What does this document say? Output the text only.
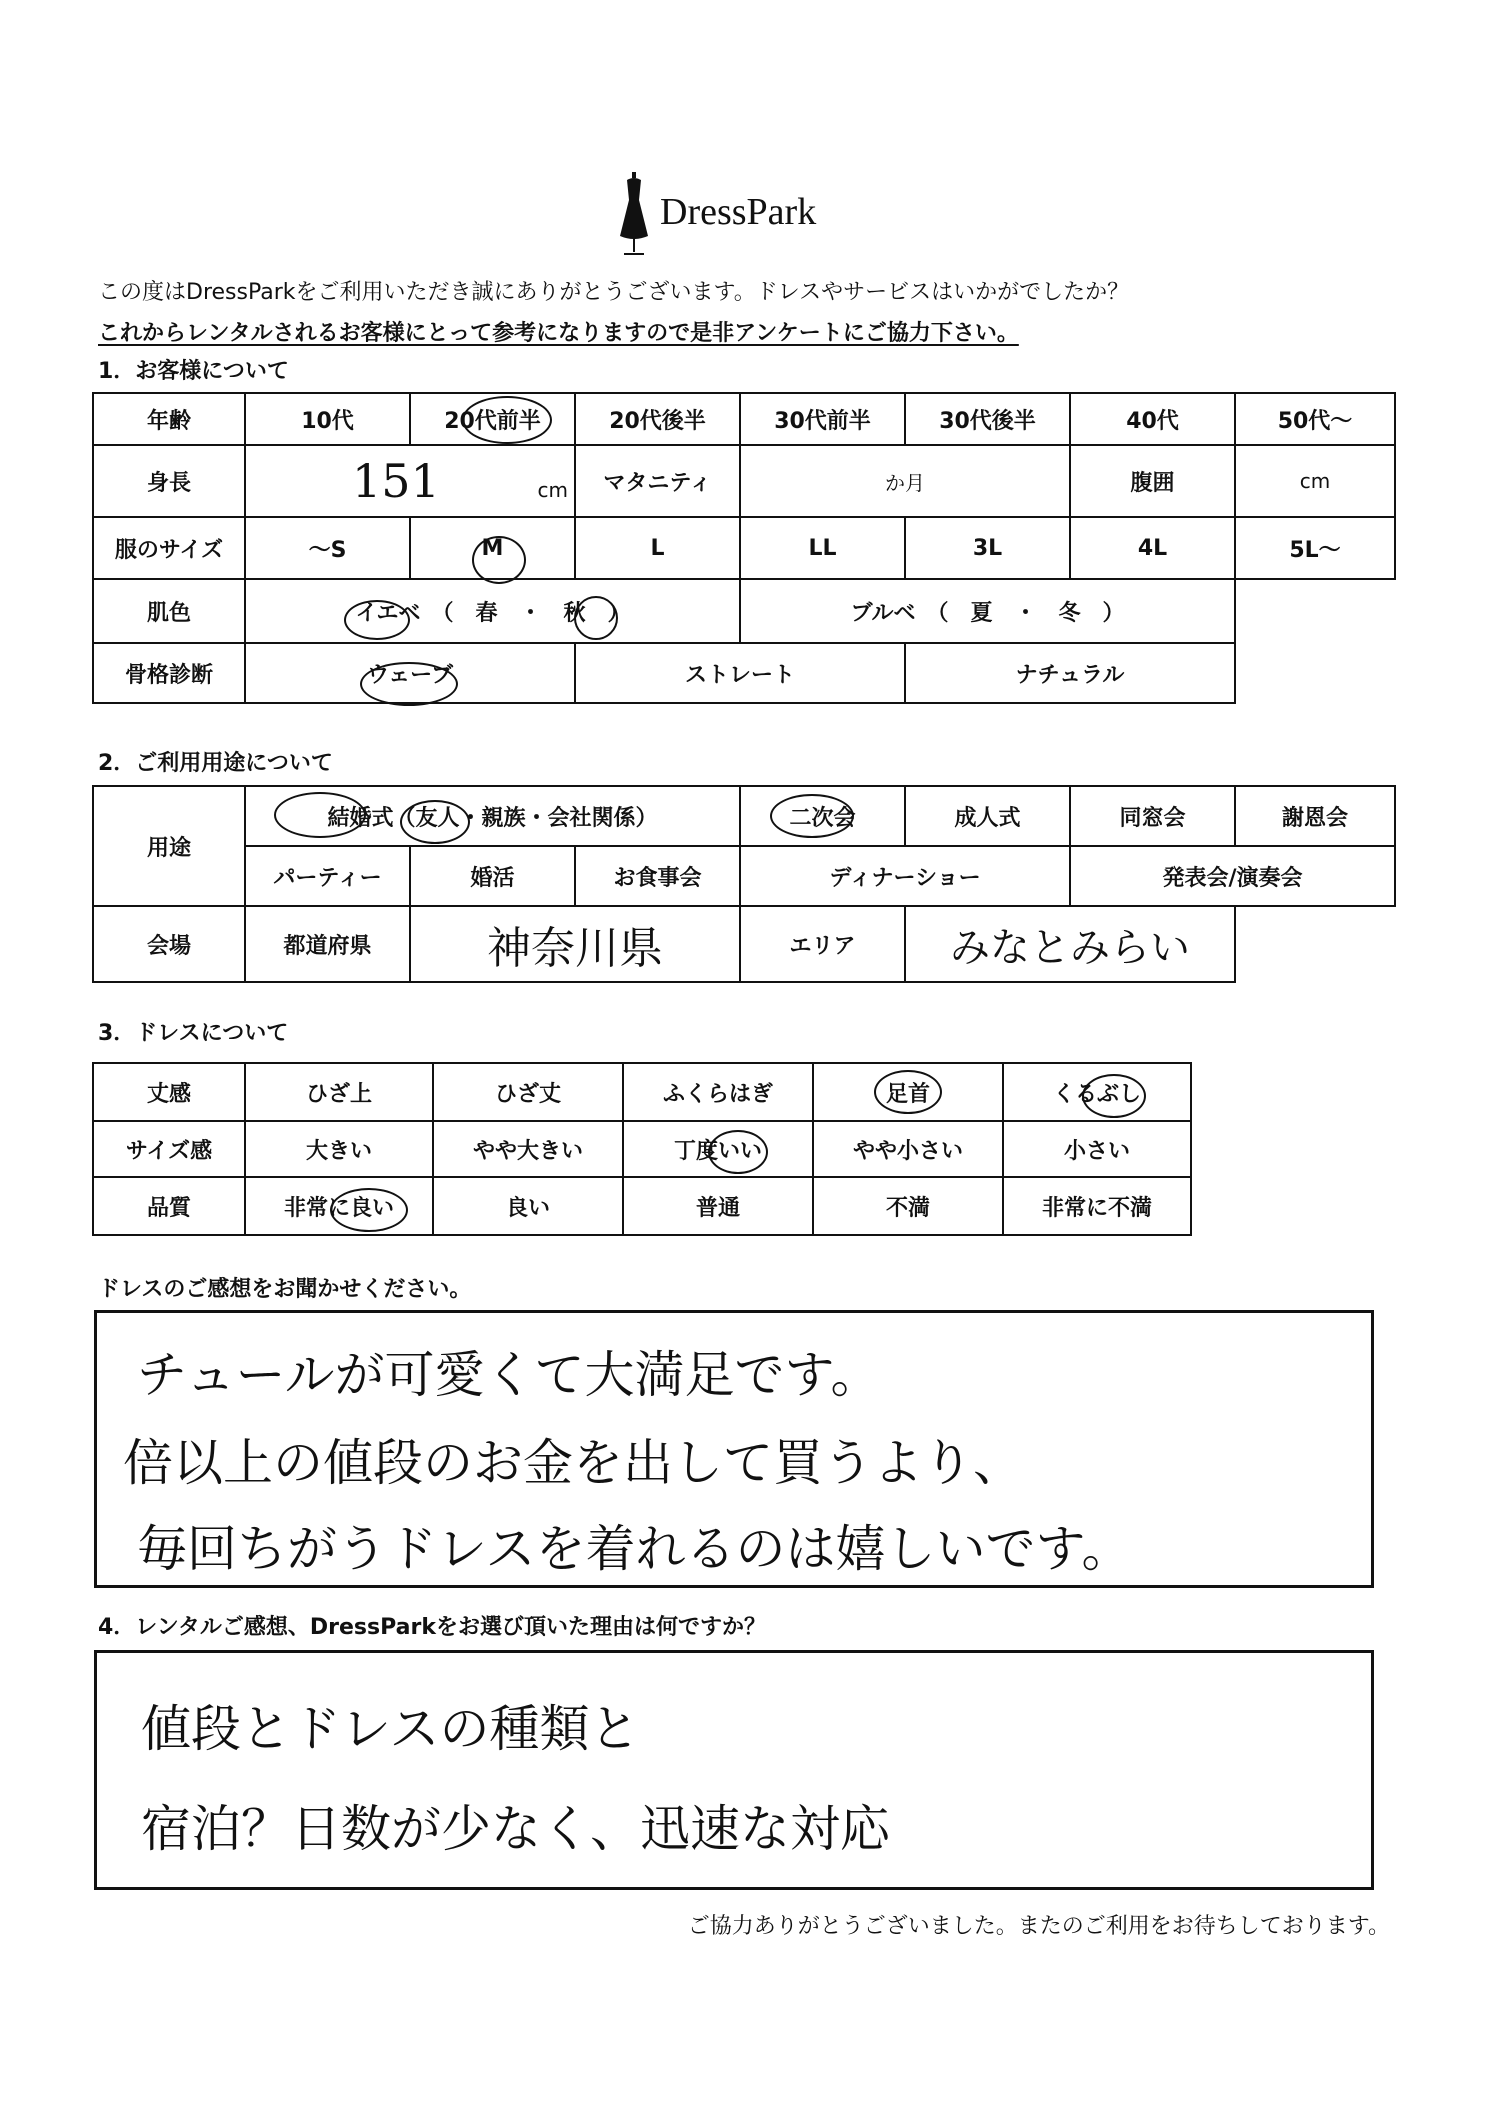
DressPark
この度はDressParkをご利用いただき誠にありがとうございます。ドレスやサービスはいかがでしたか？
これからレンタルされるお客様にとって参考になりますので是非アンケートにご協力下さい。
1．お客様について
年齢	10代	20代前半	20代後半	30代前半	30代後半	40代	50代～
身長	151 cm		マタニティ	か月		腹囲	cm
服のサイズ	～S	M	L	LL	3L	4L	5L～
肌色	イエベ　（　春　・　秋　）			ブルベ　（　夏　・　冬　）			
骨格診断	ウェーブ		ストレート		ナチュラル		
2．ご利用用途について
用途	結婚式（友人・親族・会社関係）			二次会	成人式	同窓会	謝恩会
	パーティー	婚活	お食事会	ディナーショー		発表会/演奏会	
会場	都道府県	神奈川県		エリア	みなとみらい		
3．ドレスについて
丈感	ひざ上	ひざ丈	ふくらはぎ	足首	くるぶし
サイズ感	大きい	やや大きい	丁度いい	やや小さい	小さい
品質	非常に良い	良い	普通	不満	非常に不満
ドレスのご感想をお聞かせください。
チュールが可愛くて大満足です。
倍以上の値段のお金を出して買うより、
毎回ちがうドレスを着れるのは嬉しいです。
4．レンタルご感想、DressParkをお選び頂いた理由は何ですか？
値段とドレスの種類と
宿泊？日数が少なく、迅速な対応
ご協力ありがとうございました。またのご利用をお待ちしております。
